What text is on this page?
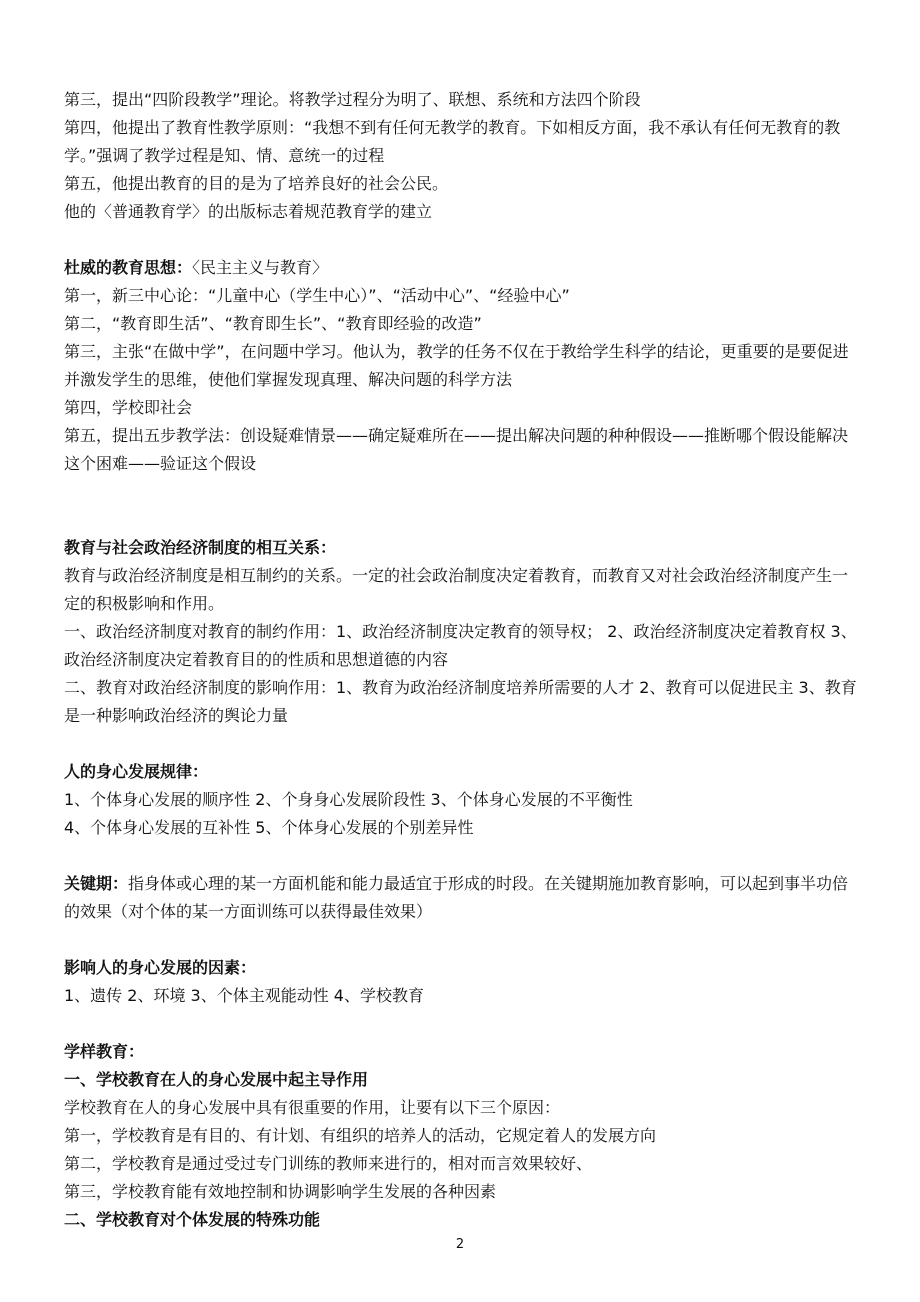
第三，提出“四阶段教学”理论。将教学过程分为明了、联想、系统和方法四个阶段

第四，他提出了教育性教学原则：“我想不到有任何无教学的教育。下如相反方面，我不承认有任何无教育的教学。”强调了教学过程是知、情、意统一的过程

第五，他提出教育的目的是为了培养良好的社会公民。

他的〈普通教育学〉的出版标志着规范教育学的建立

杜威的教育思想：〈民主主义与教育〉

第一，新三中心论：“儿童中心（学生中心）”、“活动中心”、“经验中心”

第二，“教育即生活”、“教育即生长”、“教育即经验的改造”

第三，主张“在做中学”，在问题中学习。他认为，教学的任务不仅在于教给学生科学的结论，更重要的是要促进并激发学生的思维，使他们掌握发现真理、解决问题的科学方法

第四，学校即社会

第五，提出五步教学法：创设疑难情景——确定疑难所在——提出解决问题的种种假设——推断哪个假设能解决这个困难——验证这个假设

教育与社会政治经济制度的相互关系：

教育与政治经济制度是相互制约的关系。一定的社会政治制度决定着教育，而教育又对社会政治经济制度产生一定的积极影响和作用。

一、政治经济制度对教育的制约作用：1、政治经济制度决定教育的领导权； 2、政治经济制度决定着教育权 3、政治经济制度决定着教育目的的性质和思想道德的内容

二、教育对政治经济制度的影响作用：1、教育为政治经济制度培养所需要的人才 2、教育可以促进民主 3、教育是一种影响政治经济的舆论力量

人的身心发展规律：

1、个体身心发展的顺序性 2、个身身心发展阶段性 3、个体身心发展的不平衡性

4、个体身心发展的互补性 5、个体身心发展的个别差异性

关键期：指身体或心理的某一方面机能和能力最适宜于形成的时段。在关键期施加教育影响，可以起到事半功倍的效果（对个体的某一方面训练可以获得最佳效果）

影响人的身心发展的因素：

1、遗传 2、环境 3、个体主观能动性 4、学校教育

学样教育：

一、学校教育在人的身心发展中起主导作用

学校教育在人的身心发展中具有很重要的作用，让要有以下三个原因：

第一，学校教育是有目的、有计划、有组织的培养人的活动，它规定着人的发展方向

第二，学校教育是通过受过专门训练的教师来进行的，相对而言效果较好、

第三，学校教育能有效地控制和协调影响学生发展的各种因素

二、学校教育对个体发展的特殊功能

2
